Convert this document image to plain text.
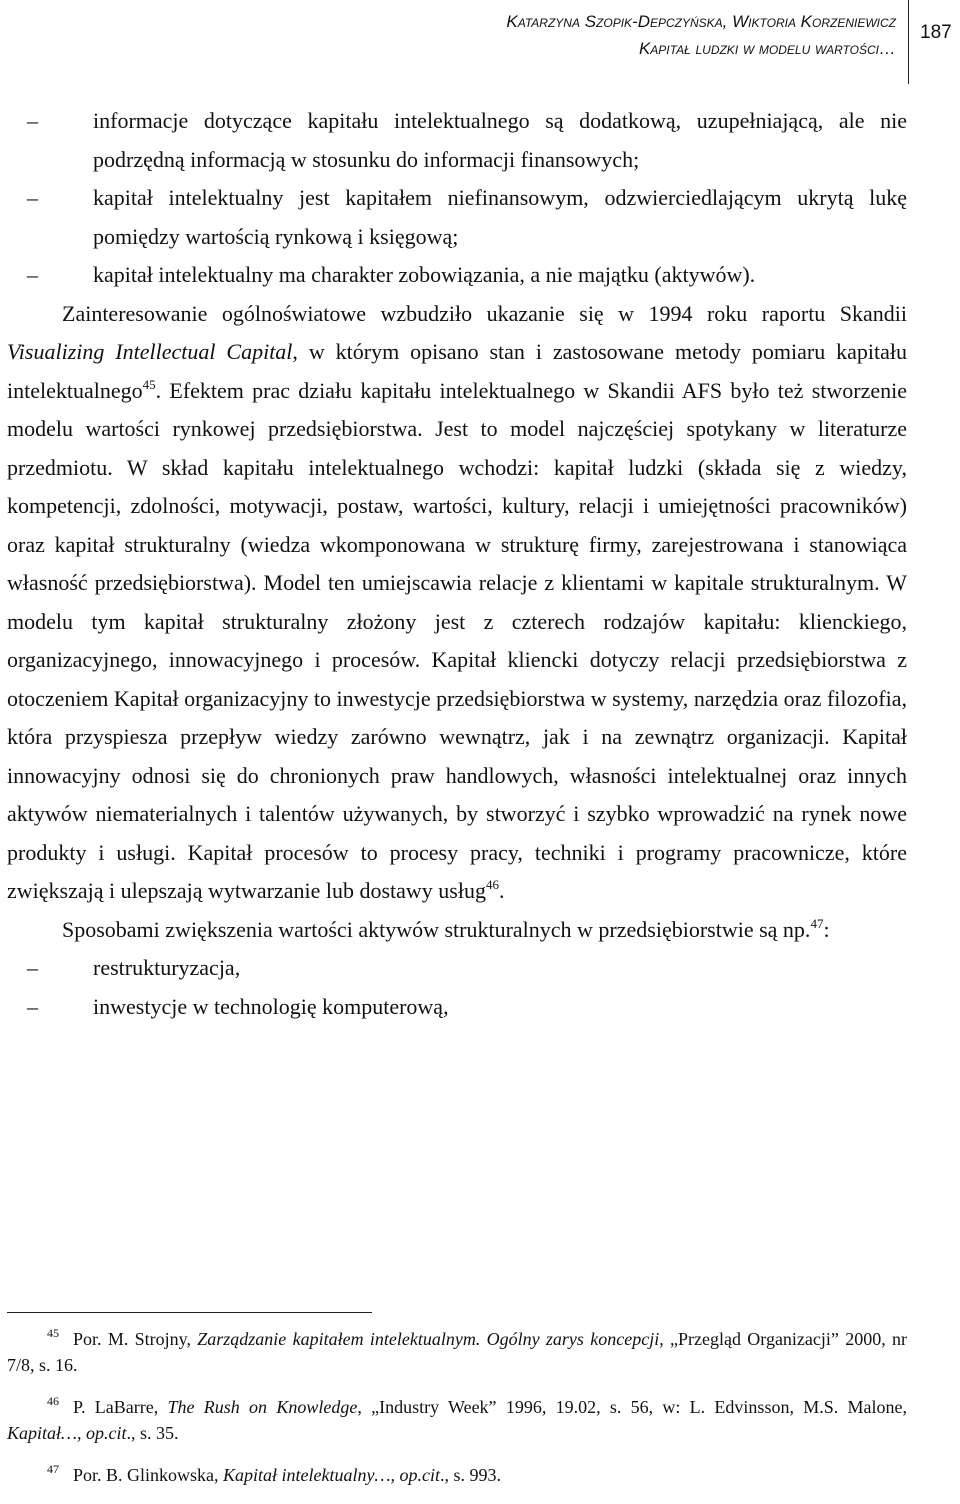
Katarzyna Szopik-Depczyńska, Wiktoria Korzeniewicz
Kapitał ludzki w modelu wartości…
187
–	informacje dotyczące kapitału intelektualnego są dodatkową, uzupełniającą, ale nie podrzędną informacją w stosunku do informacji finansowych;
–	kapitał intelektualny jest kapitałem niefinansowym, odzwierciedlającym ukrytą lukę pomiędzy wartością rynkową i księgową;
–	kapitał intelektualny ma charakter zobowiązania, a nie majątku (aktywów).

Zainteresowanie ogólnoświatowe wzbudziło ukazanie się w 1994 roku raportu Skandii Visualizing Intellectual Capital, w którym opisano stan i zastosowane metody pomiaru kapitału intelektualnego$^{45}$. Efektem prac działu kapitału intelektualnego w Skandii AFS było też stworzenie modelu wartości rynkowej przedsiębiorstwa. Jest to model najczęściej spotykany w literaturze przedmiotu. W skład kapitału intelektualnego wchodzi: kapitał ludzki (składa się z wiedzy, kompetencji, zdolności, motywacji, postaw, wartości, kultury, relacji i umiejętności pracowników) oraz kapitał strukturalny (wiedza wkomponowana w strukturę firmy, zarejestrowana i stanowiąca własność przedsiębiorstwa). Model ten umiejscawia relacje z klientami w kapitale strukturalnym. W modelu tym kapitał strukturalny złożony jest z czterech rodzajów kapitału: klienckiego, organizacyjnego, innowacyjnego i procesów. Kapitał kliencki dotyczy relacji przedsiębiorstwa z otoczeniem Kapitał organizacyjny to inwestycje przedsiębiorstwa w systemy, narzędzia oraz filozofia, która przyspiesza przepływ wiedzy zarówno wewnątrz, jak i na zewnątrz organizacji. Kapitał innowacyjny odnosi się do chronionych praw handlowych, własności intelektualnej oraz innych aktywów niematerialnych i talentów używanych, by stworzyć i szybko wprowadzić na rynek nowe produkty i usługi. Kapitał procesów to procesy pracy, techniki i programy pracownicze, które zwiększają i ulepszają wytwarzanie lub dostawy usług$^{46}$.

Sposobami zwiększenia wartości aktywów strukturalnych w przedsiębiorstwie są np.$^{47}$:

–	restrukturyzacja,
–	inwestycje w technologię komputerową,
$^{45}$ Por. M. Strojny, Zarządzanie kapitałem intelektualnym. Ogólny zarys koncepcji, „Przegląd Organizacji” 2000, nr 7/8, s. 16.
$^{46}$ P. LaBarre, The Rush on Knowledge, „Industry Week” 1996, 19.02, s. 56, w: L. Edvinsson, M.S. Malone, Kapitał…, op.cit., s. 35.
$^{47}$ Por. B. Glinkowska, Kapitał intelektualny…, op.cit., s. 993.
